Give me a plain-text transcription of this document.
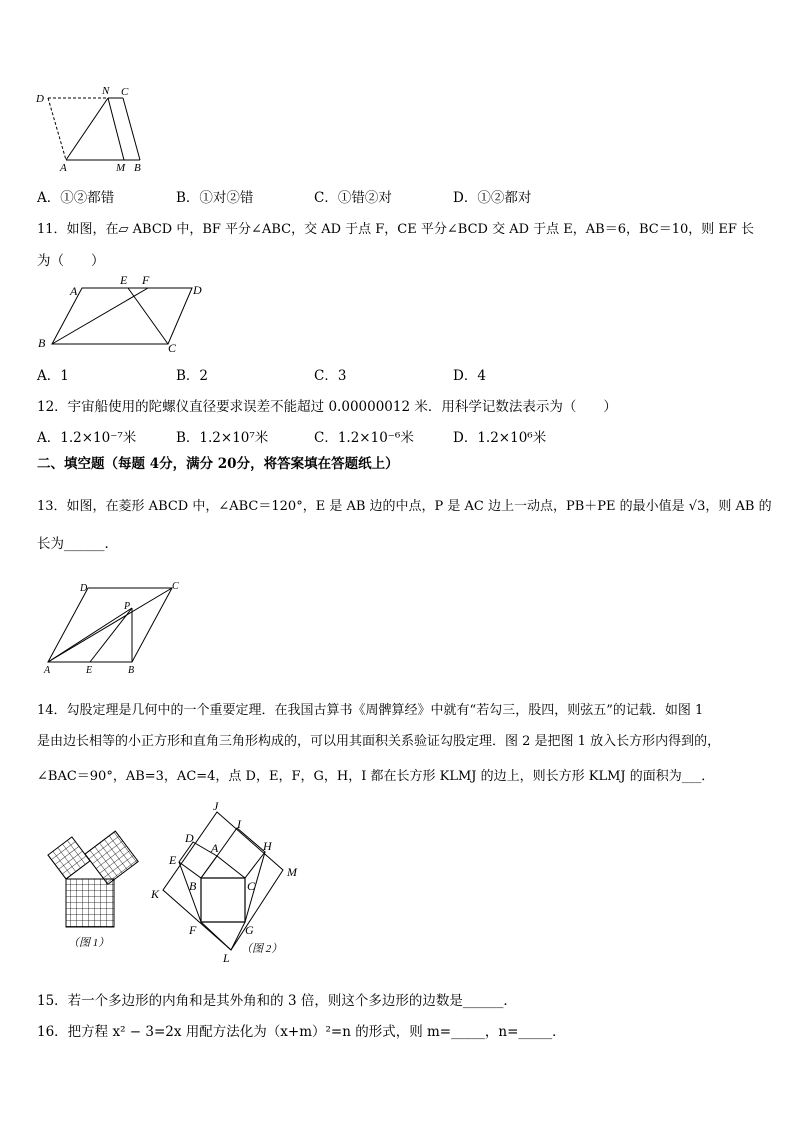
D
N C
A	M B
A．①②都错	B．①对②错	C．①错②对	D．①②都对
11．如图，在▱ ABCD 中，BF 平分∠ABC，交 AD 于点 F，CE 平分∠BCD 交 AD 于点 E，AB＝6，BC＝10，则 EF 长
为（　　）
A
E F
D
B	C
A．1	B．2	C．3	D．4
12．宇宙船使用的陀螺仪直径要求误差不能超过 0.00000012 米．用科学记数法表示为（　　）
A．1.2×10⁻⁷米	B．1.2×10⁷米	C．1.2×10⁻⁶米	D．1.2×10⁶米
二、填空题（每题 4分，满分 20分，将答案填在答题纸上）
13．如图，在菱形 ABCD 中，∠ABC＝120°，E 是 AB 边的中点，P 是 AC 边上一动点，PB＋PE 的最小值是 √3，则 AB 的
长为______．
D	C
P
A	E	B
14．勾股定理是几何中的一个重要定理．在我国古算书《周髀算经》中就有“若勾三，股四，则弦五”的记载．如图 1
是由边长相等的小正方形和直角三角形构成的，可以用其面积关系验证勾股定理．图 2 是把图 1 放入长方形内得到的，
∠BAC＝90°，AB=3，AC=4，点 D，E，F，G，H，I 都在长方形 KLMJ 的边上，则长方形 KLMJ 的面积为___．
（图 1）
J
I
D
A	H
E
B	C
M
K
F	G
L
（图 2）
15．若一个多边形的内角和是其外角和的 3 倍，则这个多边形的边数是______．
16．把方程 x² − 3=2x 用配方法化为（x+m）²=n 的形式，则 m=_____，n=_____．
